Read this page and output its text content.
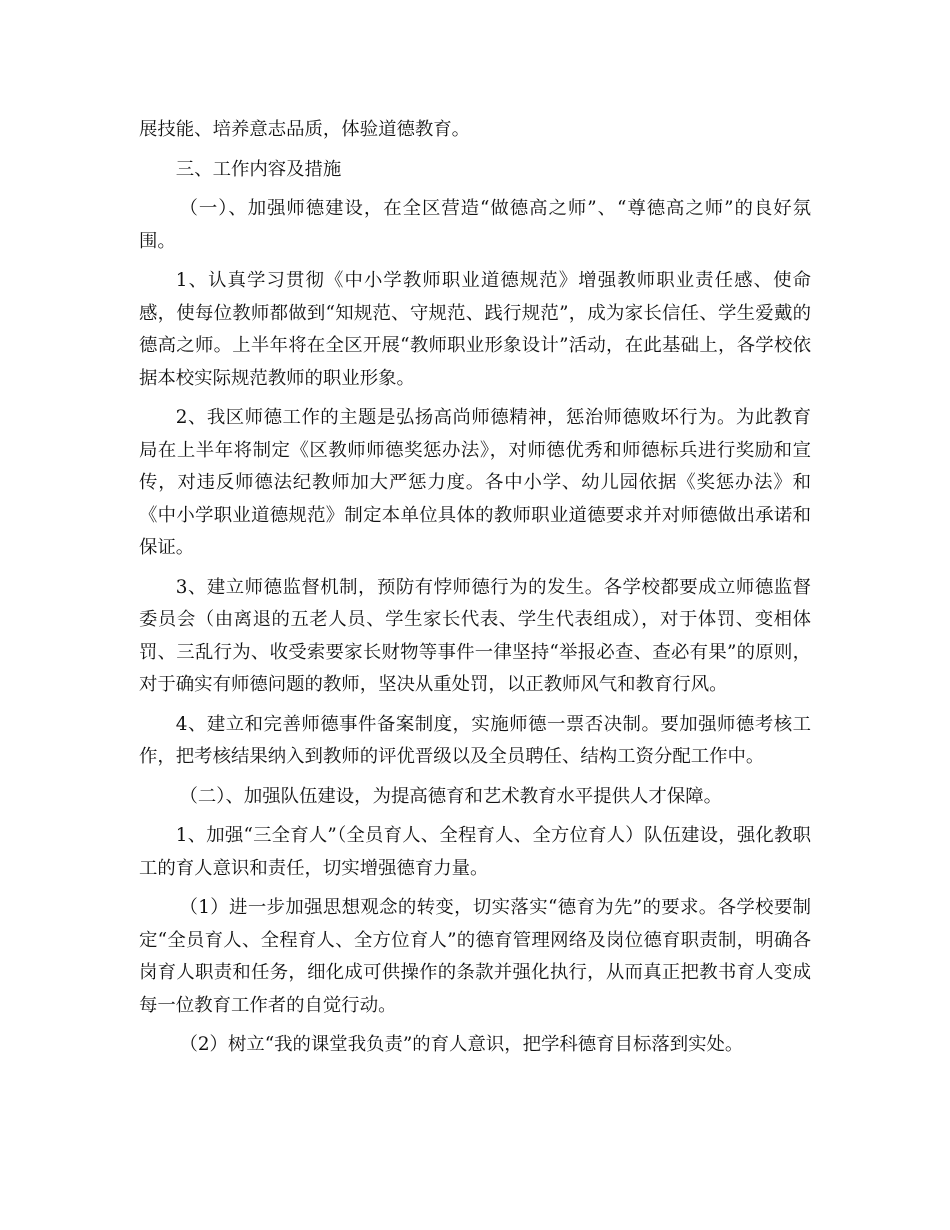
展技能、培养意志品质，体验道德教育。

三、工作内容及措施

（一）、加强师德建设，在全区营造“做德高之师”、“尊德高之师”的良好氛围。

1、认真学习贯彻《中小学教师职业道德规范》增强教师职业责任感、使命感，使每位教师都做到“知规范、守规范、践行规范”，成为家长信任、学生爱戴的德高之师。上半年将在全区开展“教师职业形象设计”活动，在此基础上，各学校依据本校实际规范教师的职业形象。

2、我区师德工作的主题是弘扬高尚师德精神，惩治师德败坏行为。为此教育局在上半年将制定《区教师师德奖惩办法》，对师德优秀和师德标兵进行奖励和宣传，对违反师德法纪教师加大严惩力度。各中小学、幼儿园依据《奖惩办法》和《中小学职业道德规范》制定本单位具体的教师职业道德要求并对师德做出承诺和保证。

3、建立师德监督机制，预防有悖师德行为的发生。各学校都要成立师德监督委员会（由离退的五老人员、学生家长代表、学生代表组成），对于体罚、变相体罚、三乱行为、收受索要家长财物等事件一律坚持“举报必查、查必有果”的原则，对于确实有师德问题的教师，坚决从重处罚，以正教师风气和教育行风。

4、建立和完善师德事件备案制度，实施师德一票否决制。要加强师德考核工作，把考核结果纳入到教师的评优晋级以及全员聘任、结构工资分配工作中。

（二）、加强队伍建设，为提高德育和艺术教育水平提供人才保障。

1、加强“三全育人”（全员育人、全程育人、全方位育人）队伍建设，强化教职工的育人意识和责任，切实增强德育力量。

（1）进一步加强思想观念的转变，切实落实“德育为先”的要求。各学校要制定“全员育人、全程育人、全方位育人”的德育管理网络及岗位德育职责制，明确各岗育人职责和任务，细化成可供操作的条款并强化执行，从而真正把教书育人变成每一位教育工作者的自觉行动。

（2）树立“我的课堂我负责”的育人意识，把学科德育目标落到实处。
